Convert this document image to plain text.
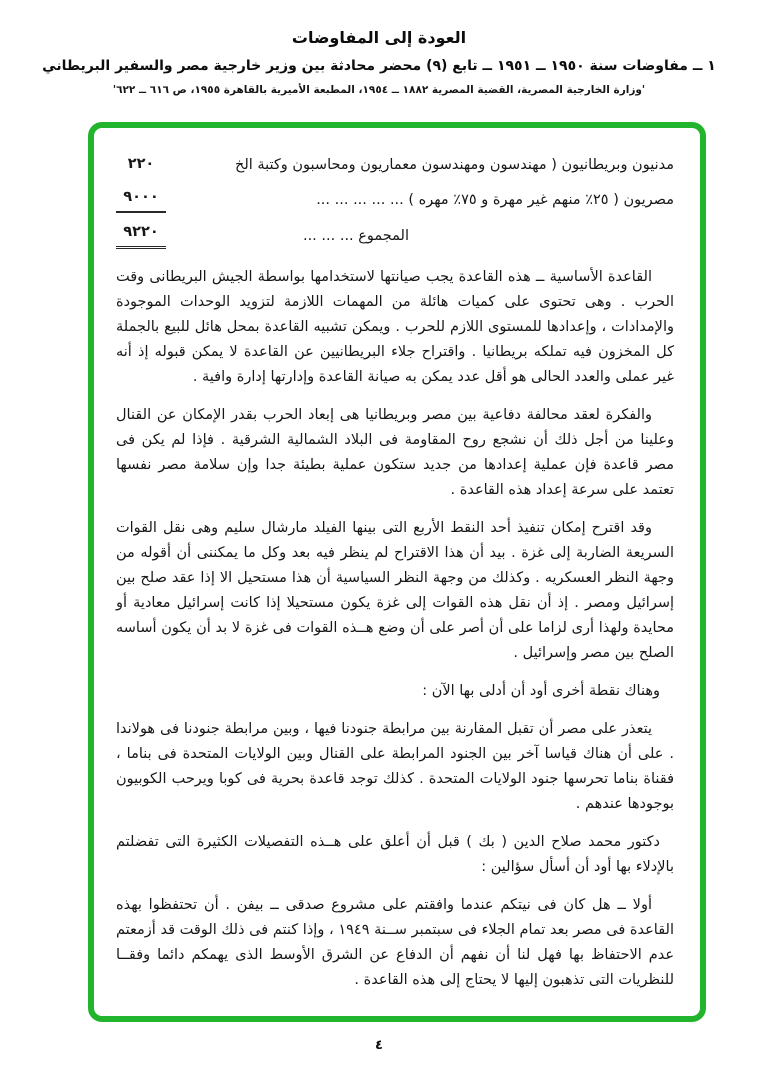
العودة إلى المفاوضات
١ ــ مفاوضات سنة ١٩٥٠ ــ ١٩٥١ ــ تابع (٩) محضر محادثة بين وزير خارجية مصر والسفير البريطاني
'وزارة الخارجية المصرية، القضية المصرية ١٨٨٢ ــ ١٩٥٤، المطبعة الأميرية بالقاهرة ١٩٥٥، ص ٦١٦ ــ ٦٢٢'
مدنيون وبريطانيون ( مهندسون ومهندسون معماريون ومحاسبون وكتبة الخ
٢٢٠
مصريون ( ٢٥٪ منهم غير مهرة و ٧٥٪ مهره ) ... ... ... ... ...
٩٠٠٠
المجموع ... ... ...
٩٢٢٠

القاعدة الأساسية ــ هذه القاعدة يجب صيانتها لاستخدامها بواسطة الجيش البريطانى وقت الحرب . وهى تحتوى على كميات هائلة من المهمات اللازمة لتزويد الوحدات الموجودة والإمدادات ، وإعدادها للمستوى اللازم للحرب . ويمكن تشبيه القاعدة بمحل هائل للبيع بالجملة كل المخزون فيه تملكه بريطانيا . واقتراح جلاء البريطانيين عن القاعدة لا يمكن قبوله إذ أنه غير عملى والعدد الحالى هو أقل عدد يمكن به صيانة القاعدة وإدارتها إدارة وافية .

والفكرة لعقد محالفة دفاعية بين مصر وبريطانيا هى إبعاد الحرب بقدر الإمكان عن القنال وعلينا من أجل ذلك أن نشجع روح المقاومة فى البلاد الشمالية الشرقية . فإذا لم يكن فى مصر قاعدة فإن عملية إعدادها من جديد ستكون عملية بطيئة جدا وإن سلامة مصر نفسها تعتمد على سرعة إعداد هذه القاعدة .

وقد اقترح إمكان تنفيذ أحد النقط الأربع التى بينها الفيلد مارشال سليم وهى نقل القوات السريعة الضاربة إلى غزة . بيد أن هذا الاقتراح لم ينظر فيه بعد وكل ما يمكننى أن أقوله من وجهة النظر العسكريه . وكذلك من وجهة النظر السياسية أن هذا مستحيل الا إذا عقد صلح بين إسرائيل ومصر . إذ أن نقل هذه القوات إلى غزة يكون مستحيلا إذا كانت إسرائيل معادية أو محايدة ولهذا أرى لزاما على أن أصر على أن وضع هــذه القوات فى غزة لا بد أن يكون أساسه الصلح بين مصر وإسرائيل .

وهناك نقطة أخرى أود أن أدلى بها الآن :

يتعذر على مصر أن تقبل المقارنة بين مرابطة جنودنا فيها ، وبين مرابطة جنودنا فى هولاندا . على أن هناك قياسا آخر بين الجنود المرابطة على القنال وبين الولايات المتحدة فى بناما ، فقناة بناما تحرسها جنود الولايات المتحدة . كذلك توجد قاعدة بحرية فى كوبا ويرحب الكوبيون بوجودها عندهم .

دكتور محمد صلاح الدين ( بك ) قبل أن أعلق على هــذه التفصيلات الكثيرة التى تفضلتم بالإدلاء بها أود أن أسأل سؤالين :

أولا ــ هل كان فى نيتكم عندما وافقتم على مشروع صدقى ــ بيفن . أن تحتفظوا بهذه القاعدة فى مصر بعد تمام الجلاء فى سبتمبر ســنة ١٩٤٩ ، وإذا كنتم فى ذلك الوقت قد أزمعتم عدم الاحتفاظ بها فهل لنا أن نفهم أن الدفاع عن الشرق الأوسط الذى يهمكم دائما وفقــا للنظريات التى تذهبون إليها لا يحتاج إلى هذه القاعدة .

٤
